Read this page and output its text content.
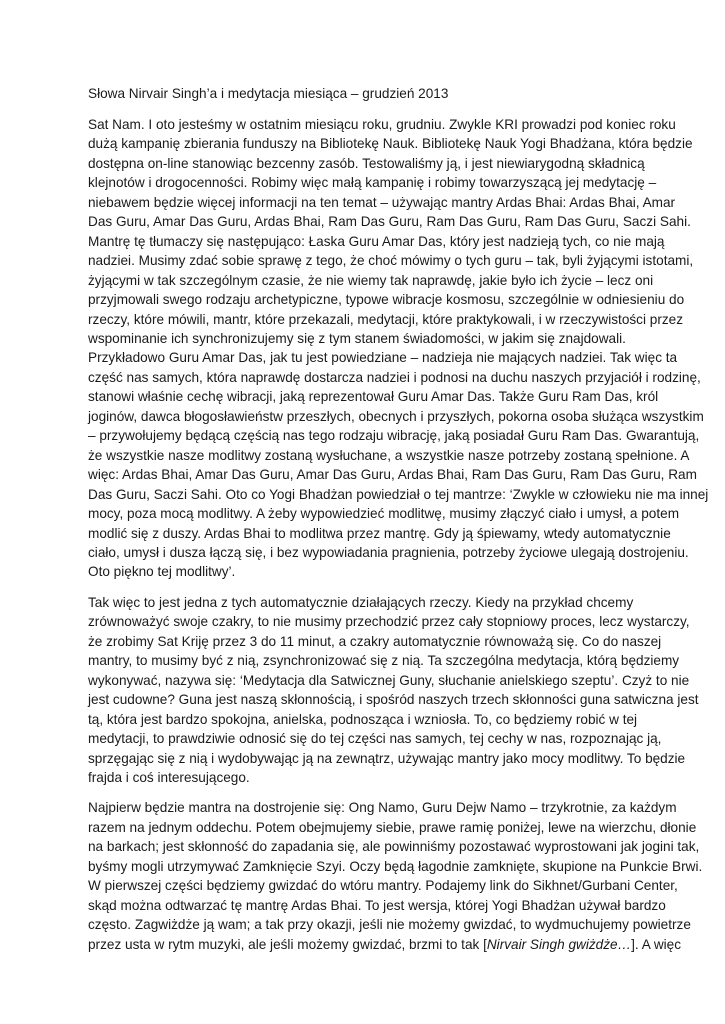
Słowa Nirvair Singh’a i medytacja miesiąca – grudzień 2013
Sat Nam. I oto jesteśmy w ostatnim miesiącu roku, grudniu. Zwykle KRI prowadzi pod koniec roku
dużą kampanię zbierania funduszy na Bibliotekę Nauk. Bibliotekę Nauk Yogi Bhadżana, która będzie
dostępna on-line stanowiąc bezcenny zasób. Testowaliśmy ją, i jest niewiarygodną składnicą
klejnotów i drogocenności. Robimy więc małą kampanię i robimy towarzyszącą jej medytację –
niebawem będzie więcej informacji na ten temat – używając mantry Ardas Bhai: Ardas Bhai, Amar
Das Guru, Amar Das Guru, Ardas Bhai, Ram Das Guru, Ram Das Guru, Ram Das Guru, Saczi Sahi.
Mantrę tę tłumaczy się następująco: Łaska Guru Amar Das, który jest nadzieją tych, co nie mają
nadziei. Musimy zdać sobie sprawę z tego, że choć mówimy o tych guru – tak, byli żyjącymi istotami,
żyjącymi w tak szczególnym czasie, że nie wiemy tak naprawdę, jakie było ich życie – lecz oni
przyjmowali swego rodzaju archetypiczne, typowe wibracje kosmosu, szczególnie w odniesieniu do
rzeczy, które mówili, mantr, które przekazali, medytacji, które praktykowali, i w rzeczywistości przez
wspominanie ich synchronizujemy się z tym stanem świadomości, w jakim się znajdowali.
Przykładowo Guru Amar Das, jak tu jest powiedziane – nadzieja nie mających nadziei. Tak więc ta
część nas samych, która naprawdę dostarcza nadziei i podnosi na duchu naszych przyjaciół i rodzinę,
stanowi właśnie cechę wibracji, jaką reprezentował Guru Amar Das. Także Guru Ram Das, król
joginów, dawca błogosławieństw przeszłych, obecnych i przyszłych, pokorna osoba służąca wszystkim
– przywołujemy będącą częścią nas tego rodzaju wibrację, jaką posiadał Guru Ram Das. Gwarantują,
że wszystkie nasze modlitwy zostaną wysłuchane, a wszystkie nasze potrzeby zostaną spełnione. A
więc: Ardas Bhai, Amar Das Guru, Amar Das Guru, Ardas Bhai, Ram Das Guru, Ram Das Guru, Ram
Das Guru, Saczi Sahi. Oto co Yogi Bhadżan powiedział o tej mantrze: ‘Zwykle w człowieku nie ma innej
mocy, poza mocą modlitwy. A żeby wypowiedzieć modlitwę, musimy złączyć ciało i umysł, a potem
modlić się z duszy. Ardas Bhai to modlitwa przez mantrę. Gdy ją śpiewamy, wtedy automatycznie
ciało, umysł i dusza łączą się, i bez wypowiadania pragnienia, potrzeby życiowe ulegają dostrojeniu.
Oto piękno tej modlitwy’.
Tak więc to jest jedna z tych automatycznie działających rzeczy. Kiedy na przykład chcemy
zrównoważyć swoje czakry, to nie musimy przechodzić przez cały stopniowy proces, lecz wystarczy,
że zrobimy Sat Kriję przez 3 do 11 minut, a czakry automatycznie równoważą się. Co do naszej
mantry, to musimy być z nią, zsynchronizować się z nią. Ta szczególna medytacja, którą będziemy
wykonywać, nazywa się: ‘Medytacja dla Satwicznej Guny, słuchanie anielskiego szeptu’. Czyż to nie
jest cudowne? Guna jest naszą skłonnością, i spośród naszych trzech skłonności guna satwiczna jest
tą, która jest bardzo spokojna, anielska, podnosząca i wzniosła. To, co będziemy robić w tej
medytacji, to prawdziwie odnosić się do tej części nas samych, tej cechy w nas, rozpoznając ją,
sprzęgając się z nią i wydobywając ją na zewnątrz, używając mantry jako mocy modlitwy. To będzie
frajda i coś interesującego.
Najpierw będzie mantra na dostrojenie się: Ong Namo, Guru Dejw Namo – trzykrotnie, za każdym
razem na jednym oddechu. Potem obejmujemy siebie, prawe ramię poniżej, lewe na wierzchu, dłonie
na barkach; jest skłonność do zapadania się, ale powinniśmy pozostawać wyprostowani jak jogini tak,
byśmy mogli utrzymywać Zamknięcie Szyi. Oczy będą łagodnie zamknięte, skupione na Punkcie Brwi.
W pierwszej części będziemy gwizdać do wtóru mantry. Podajemy link do Sikhnet/Gurbani Center,
skąd można odtwarzać tę mantrę Ardas Bhai. To jest wersja, której Yogi Bhadżan używał bardzo
często. Zagwiżdże ją wam; a tak przy okazji, jeśli nie możemy gwizdać, to wydmuchujemy powietrze
przez usta w rytm muzyki, ale jeśli możemy gwizdać, brzmi to tak [Nirvair Singh gwiżdże…]. A więc
